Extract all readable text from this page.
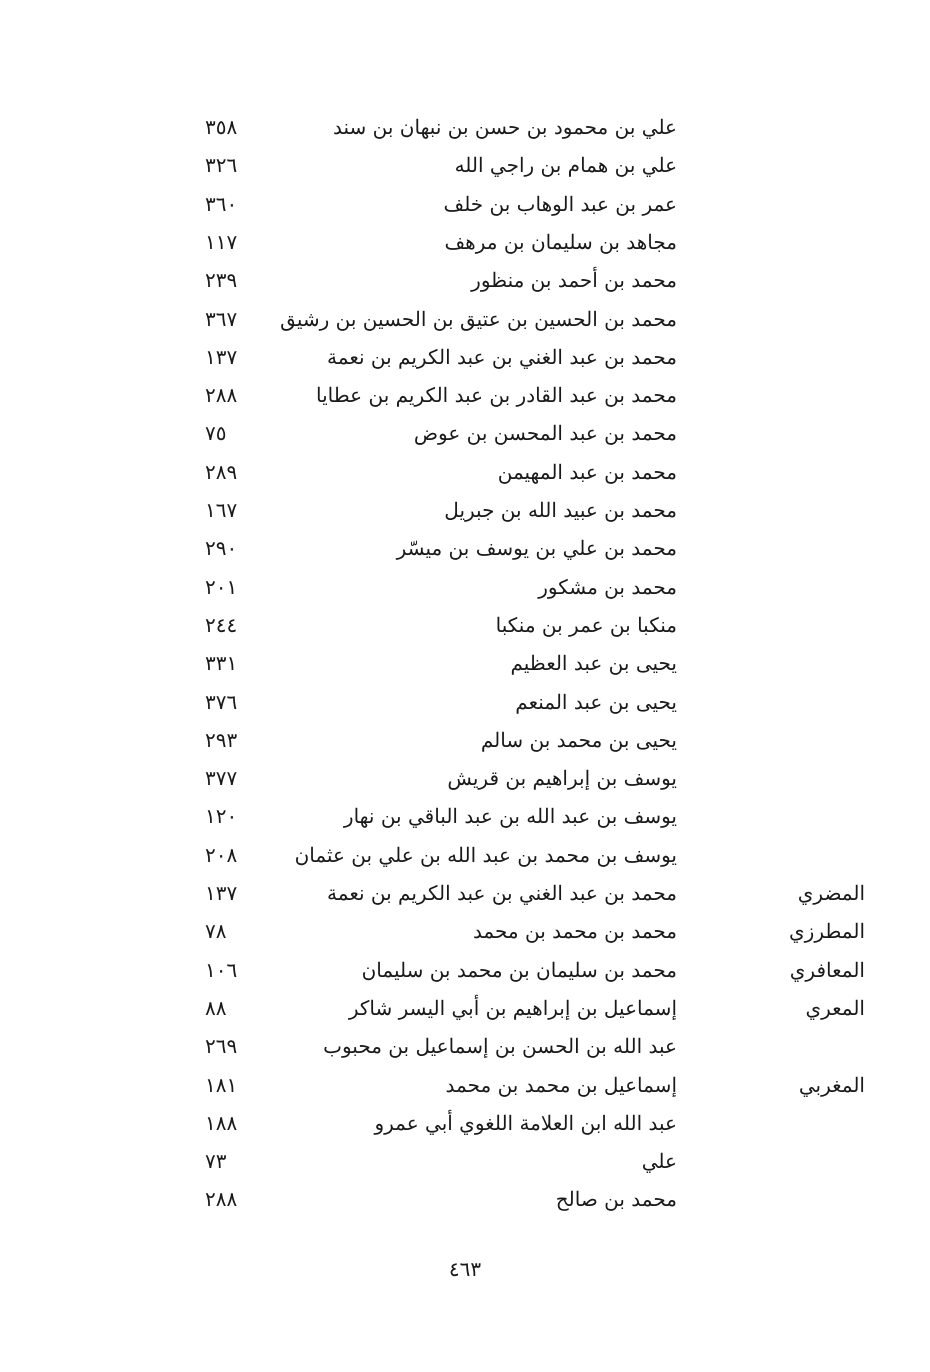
علي بن محمود بن حسن بن نبهان بن سند
٣٥٨
علي بن همام بن راجي الله
٣٢٦
عمر بن عبد الوهاب بن خلف
٣٦٠
مجاهد بن سليمان بن مرهف
١١٧
محمد بن أحمد بن منظور
٢٣٩
محمد بن الحسين بن عتيق بن الحسين بن رشيق
٣٦٧
محمد بن عبد الغني بن عبد الكريم بن نعمة
١٣٧
محمد بن عبد القادر بن عبد الكريم بن عطايا
٢٨٨
محمد بن عبد المحسن بن عوض
٧٥
محمد بن عبد المهيمن
٢٨٩
محمد بن عبيد الله بن جبريل
١٦٧
محمد بن علي بن يوسف بن ميسّر
٢٩٠
محمد بن مشكور
٢٠١
منكبا بن عمر بن منكبا
٢٤٤
يحيى بن عبد العظيم
٣٣١
يحيى بن عبد المنعم
٣٧٦
يحيى بن محمد بن سالم
٢٩٣
يوسف بن إبراهيم بن قريش
٣٧٧
يوسف بن عبد الله بن عبد الباقي بن نهار
١٢٠
يوسف بن محمد بن عبد الله بن علي بن عثمان
٢٠٨
المضري
محمد بن عبد الغني بن عبد الكريم بن نعمة
١٣٧
المطرزي
محمد بن محمد بن محمد
٧٨
المعافري
محمد بن سليمان بن محمد بن سليمان
١٠٦
المعري
إسماعيل بن إبراهيم بن أبي اليسر شاكر
٨٨
عبد الله بن الحسن بن إسماعيل بن محبوب
٢٦٩
المغربي
إسماعيل بن محمد بن محمد
١٨١
عبد الله ابن العلامة اللغوي أبي عمرو
١٨٨
علي
٧٣
محمد بن صالح
٢٨٨
٤٦٣
